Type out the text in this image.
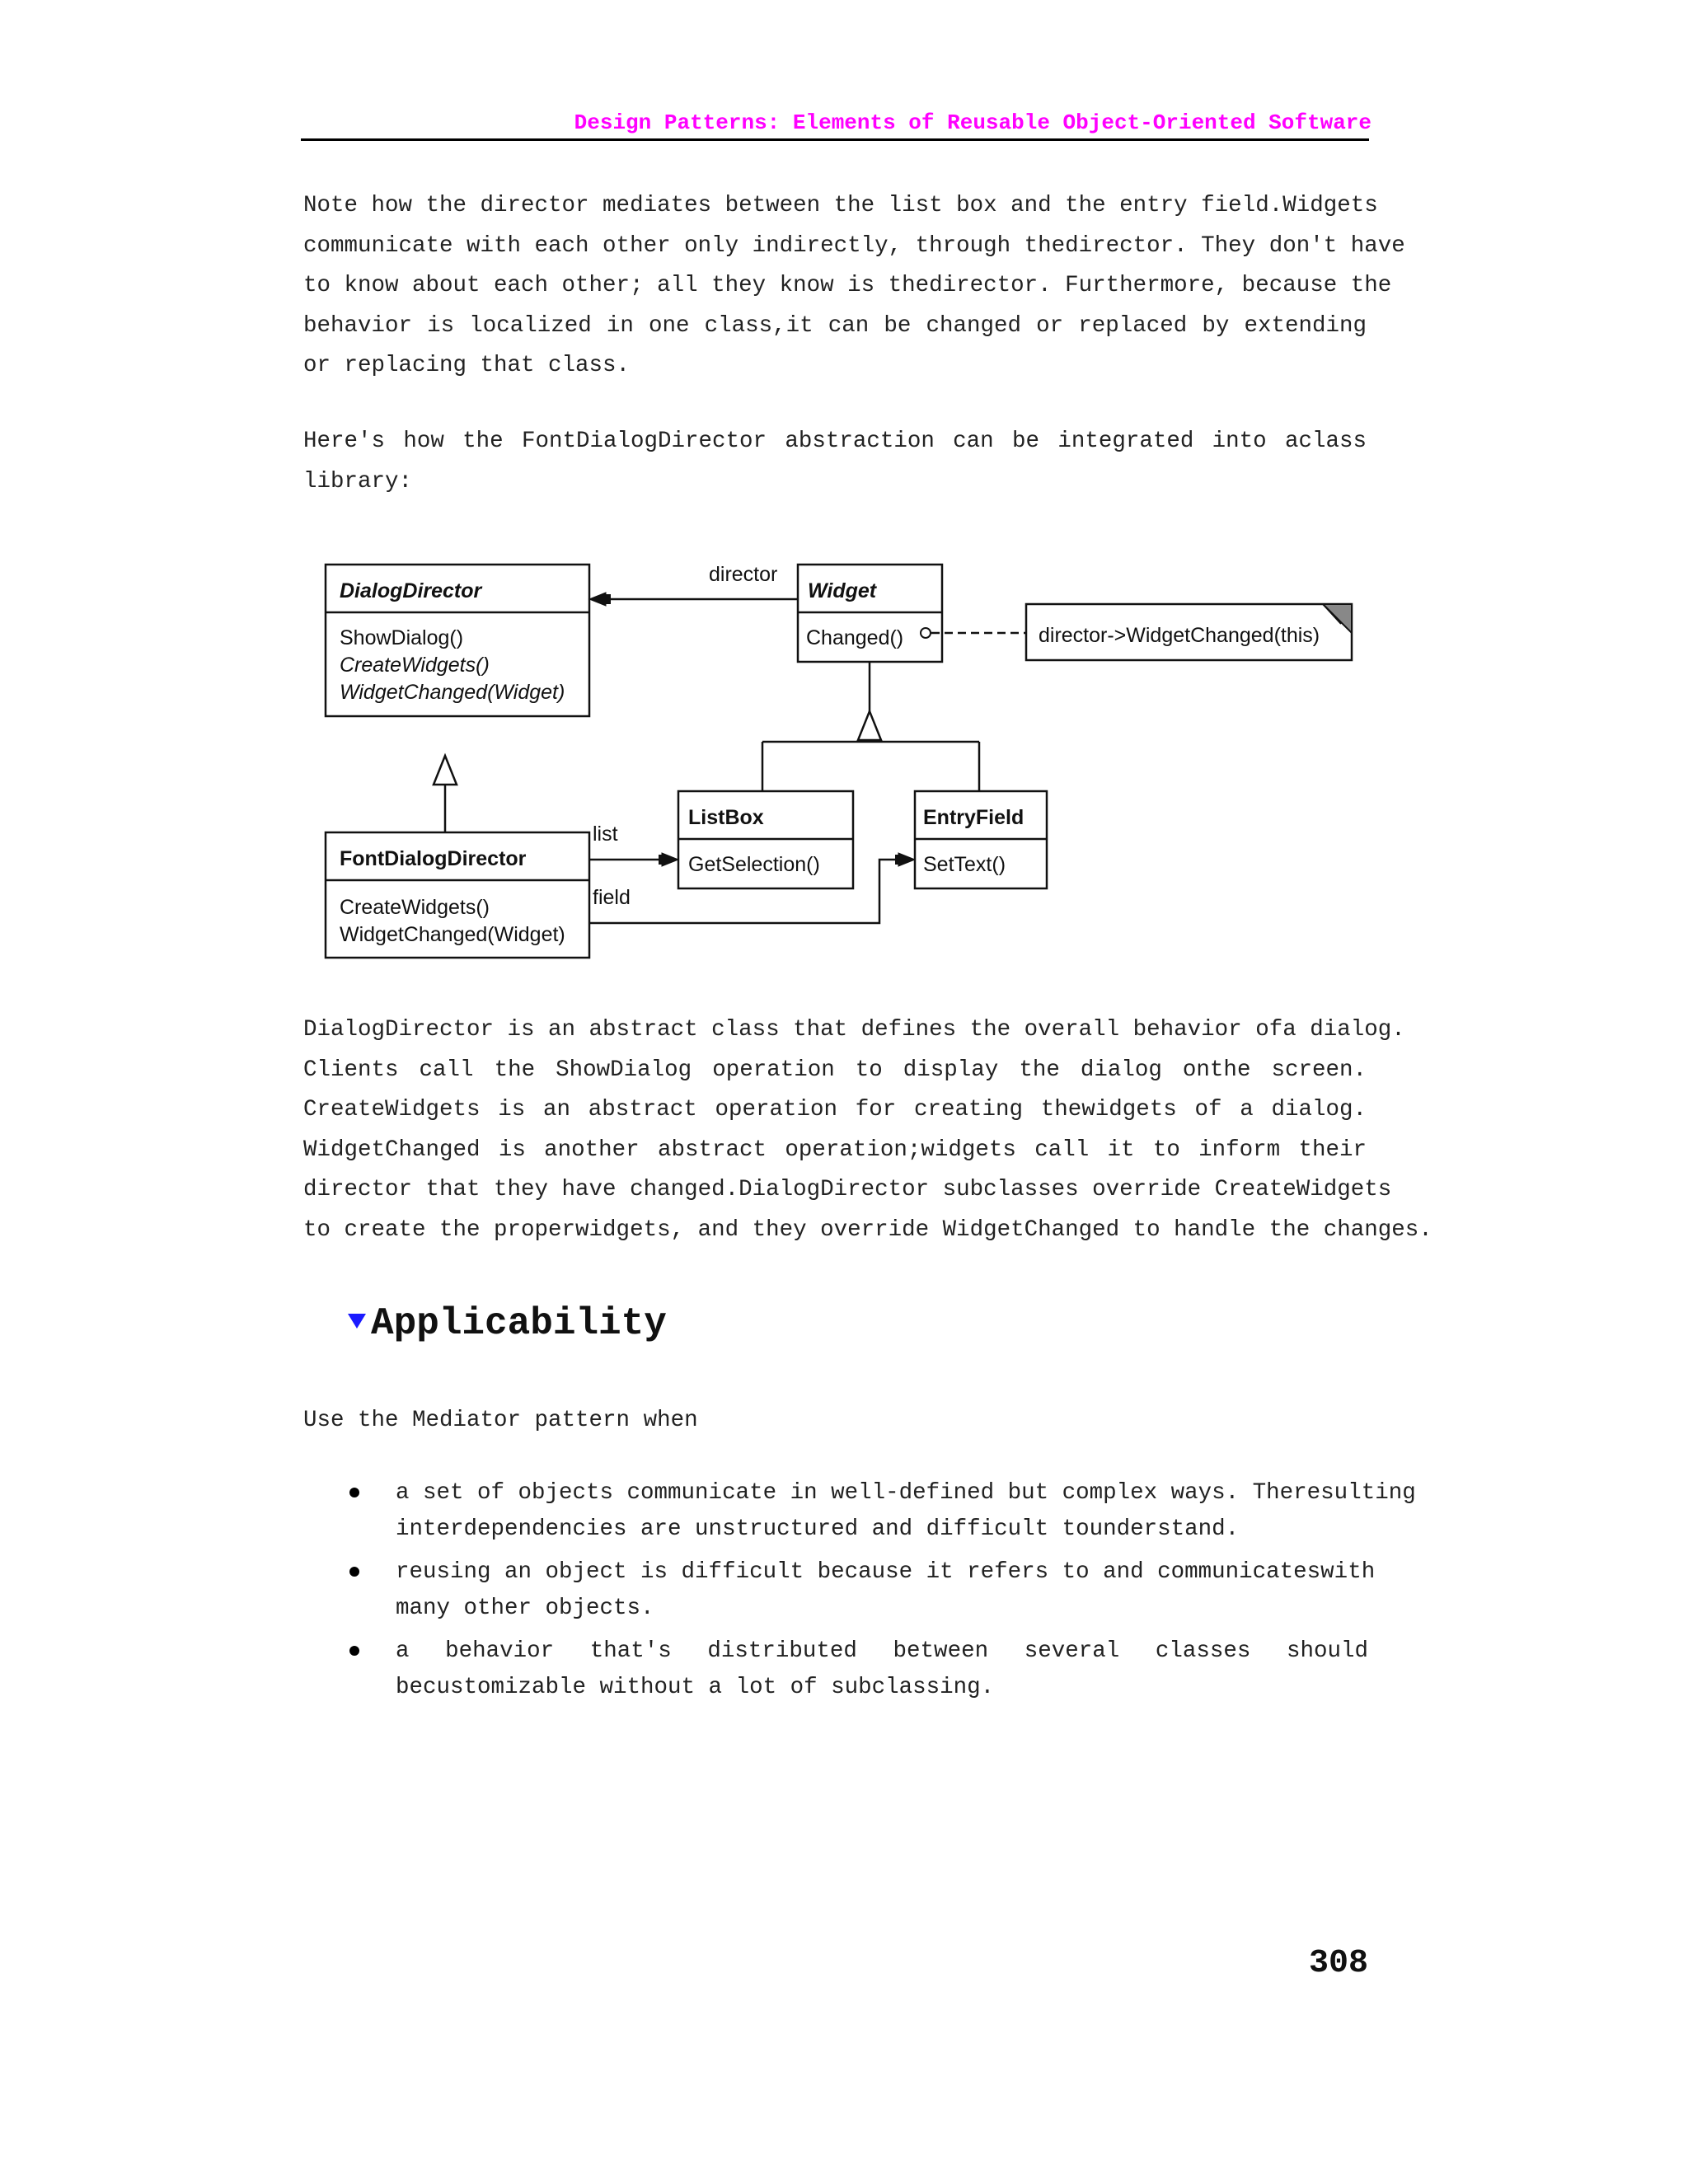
Design Patterns: Elements of Reusable Object-Oriented Software
Note how the director mediates between the list box and the entry field.Widgets
communicate with each other only indirectly, through thedirector. They don't have
to know about each other; all they know is thedirector. Furthermore, because the
behavior is localized in one class,it can be changed or replaced by extending
or replacing that class.
Here's how the FontDialogDirector abstraction can be integrated into aclass
library:
DialogDirector
ShowDialog()
CreateWidgets()
WidgetChanged(Widget)
Widget
Changed()
director
director->WidgetChanged(this)
FontDialogDirector
CreateWidgets()
WidgetChanged(Widget)
ListBox
GetSelection()
EntryField
SetText()
list
field
DialogDirector is an abstract class that defines the overall behavior ofa dialog.
Clients call the ShowDialog operation to display the dialog onthe screen.
CreateWidgets is an abstract operation for creating thewidgets of a dialog.
WidgetChanged is another abstract operation;widgets call it to inform their
director that they have changed.DialogDirector subclasses override CreateWidgets
to create the properwidgets, and they override WidgetChanged to handle the changes.
Applicability
Use the Mediator pattern when
a set of objects communicate in well-defined but complex ways. Theresulting
interdependencies are unstructured and difficult tounderstand.
reusing an object is difficult because it refers to and communicateswith
many other objects.
a behavior that's distributed between several classes should
becustomizable without a lot of subclassing.
308
